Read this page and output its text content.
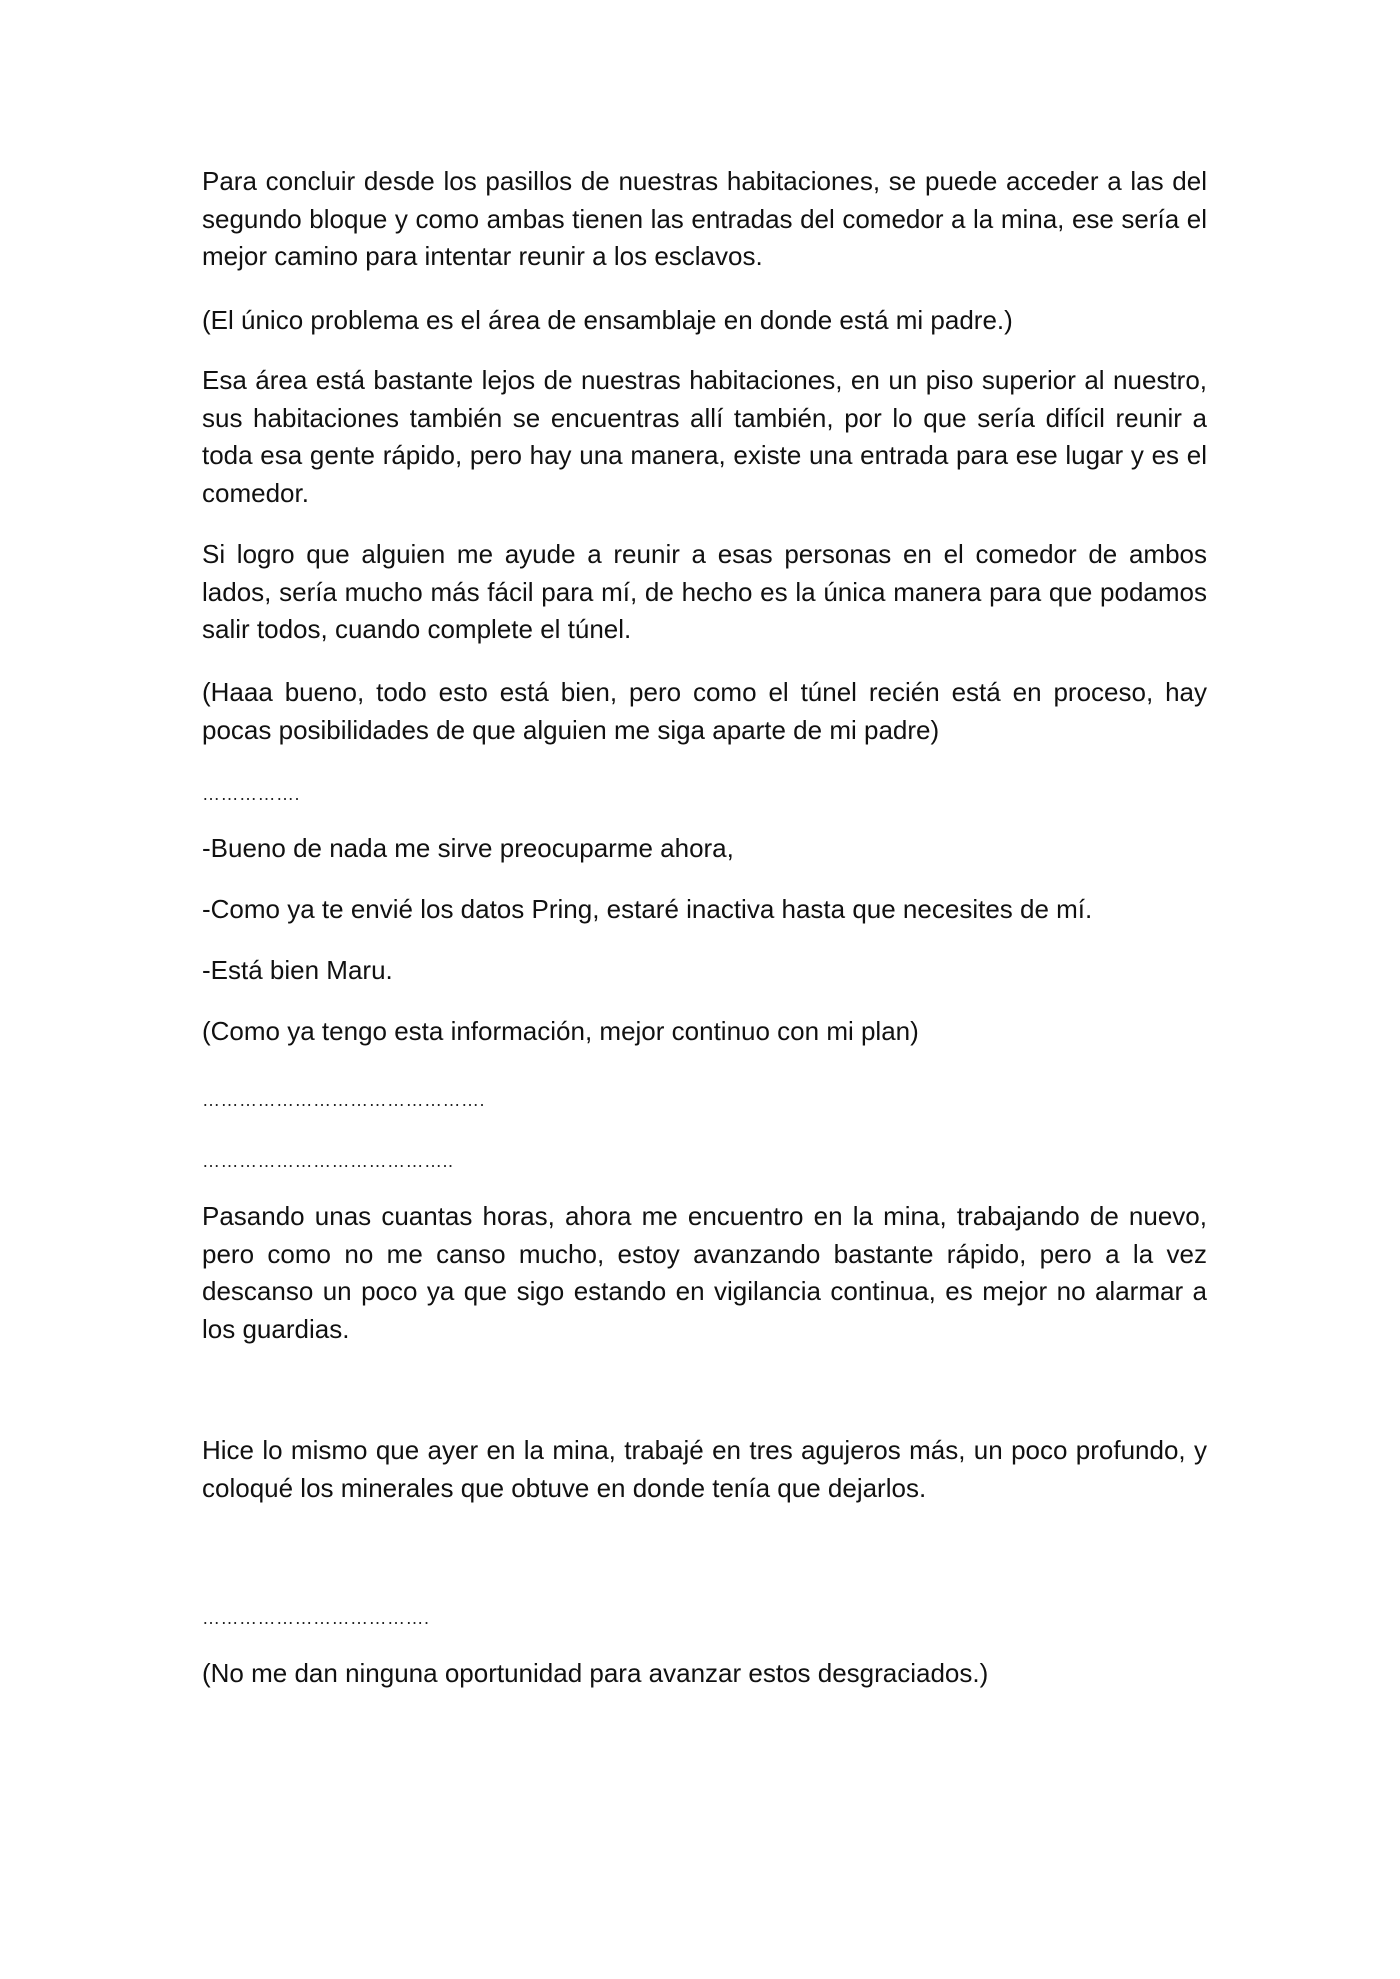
Para concluir desde los pasillos de nuestras habitaciones, se puede acceder a las del segundo bloque y como ambas tienen las entradas del comedor a la mina, ese sería el mejor camino para intentar reunir a los esclavos.

(El único problema es el área de ensamblaje en donde está mi padre.)

Esa área está bastante lejos de nuestras habitaciones, en un piso superior al nuestro, sus habitaciones también se encuentras allí también, por lo que sería difícil reunir a toda esa gente rápido, pero hay una manera, existe una entrada para ese lugar y es el comedor.

Si logro que alguien me ayude a reunir a esas personas en el comedor de ambos lados, sería mucho más fácil para mí, de hecho es la única manera para que podamos salir todos, cuando complete el túnel.

(Haaa bueno, todo esto está bien, pero como el túnel recién está en proceso, hay pocas posibilidades de que alguien me siga aparte de mi padre)

…………….

-Bueno de nada me sirve preocuparme ahora,

-Como ya te envié los datos Pring, estaré inactiva hasta que necesites de mí.

-Está bien Maru.

(Como ya tengo esta información, mejor continuo con mi plan)

……………………………………….

…………………………………..

Pasando unas cuantas horas, ahora me encuentro en la mina, trabajando de nuevo, pero como no me canso mucho, estoy avanzando bastante rápido, pero a la vez descanso un poco ya que sigo estando en vigilancia continua, es mejor no alarmar a los guardias.

Hice lo mismo que ayer en la mina, trabajé en tres agujeros más, un poco profundo, y coloqué los minerales que obtuve en donde tenía que dejarlos.

……………………………….

(No me dan ninguna oportunidad para avanzar estos desgraciados.)
